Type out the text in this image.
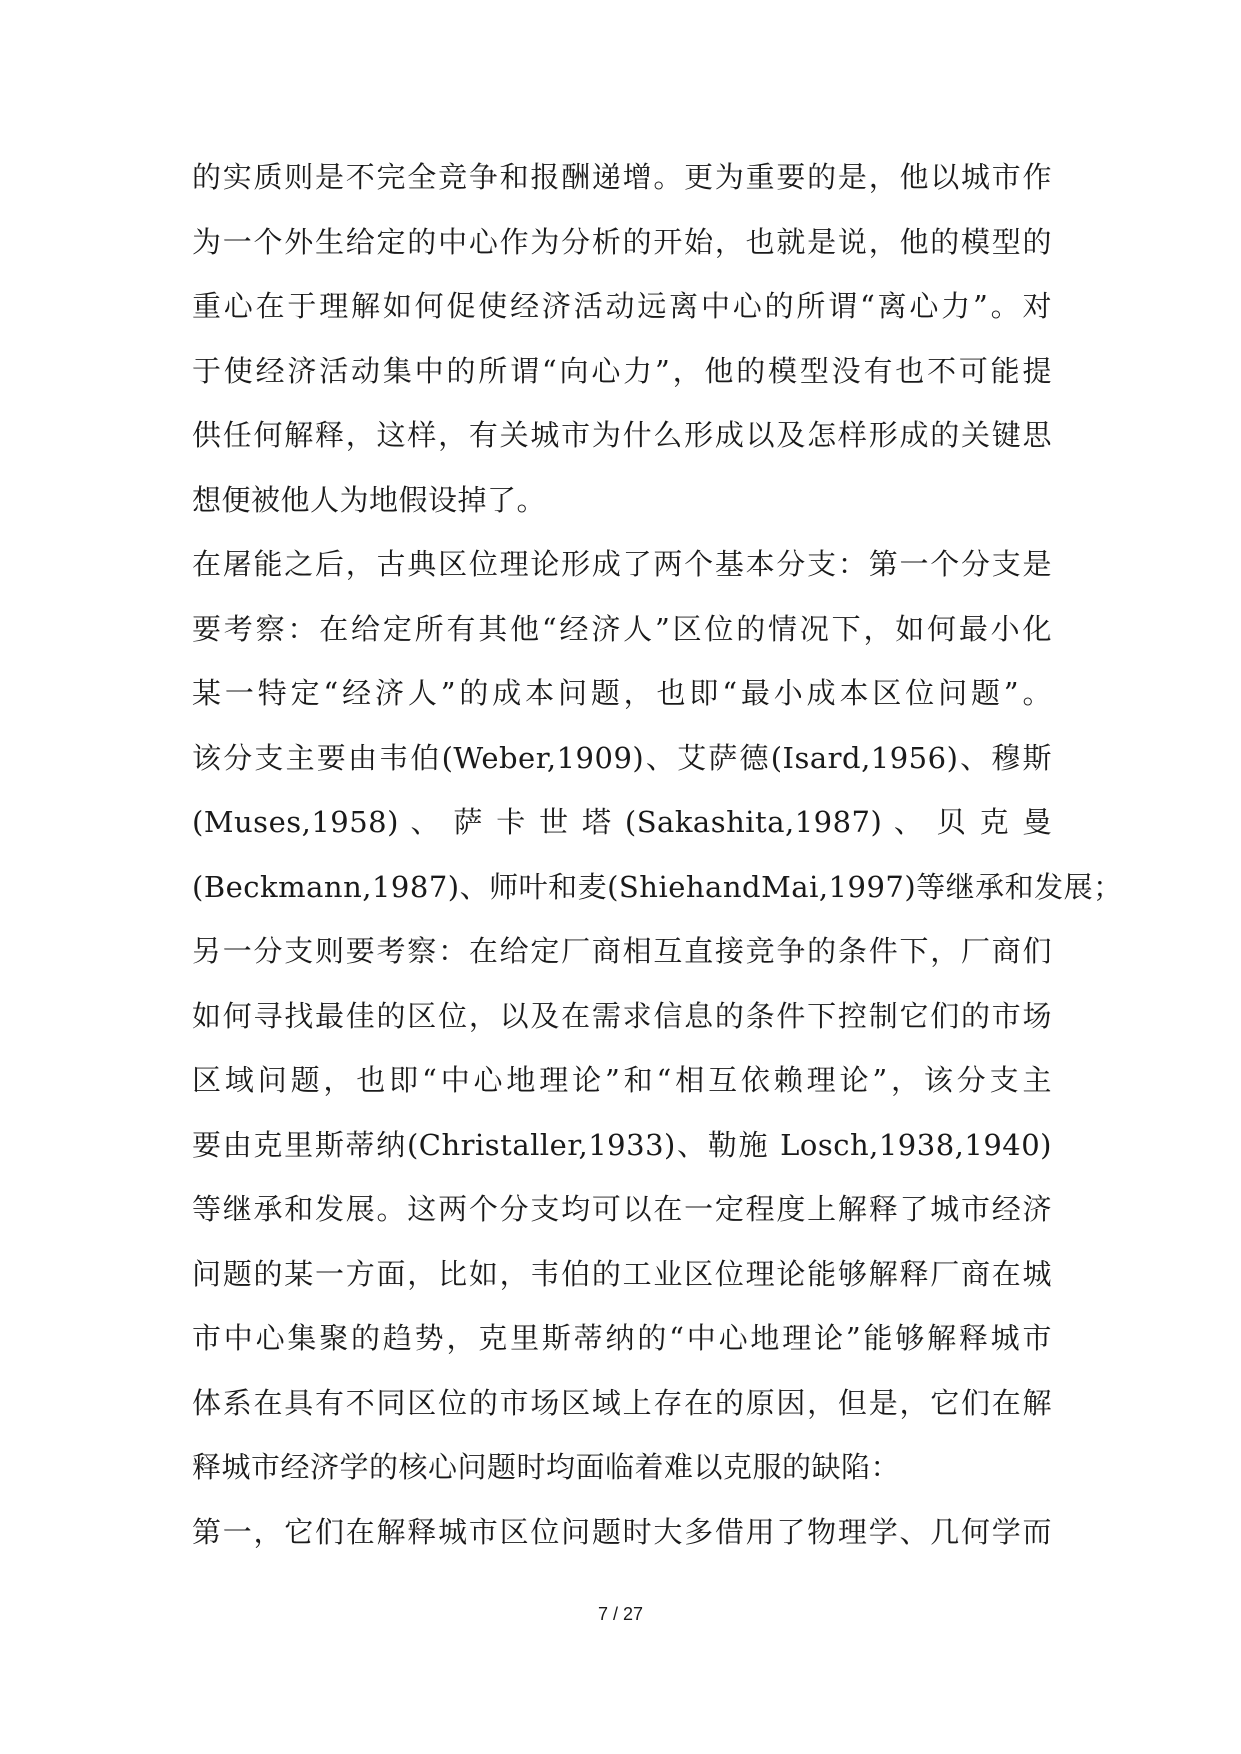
的实质则是不完全竞争和报酬递增。更为重要的是，他以城市作
为一个外生给定的中心作为分析的开始，也就是说，他的模型的
重心在于理解如何促使经济活动远离中心的所谓“离心力”。对
于使经济活动集中的所谓“向心力”，他的模型没有也不可能提
供任何解释，这样，有关城市为什么形成以及怎样形成的关键思
想便被他人为地假设掉了。
在屠能之后，古典区位理论形成了两个基本分支：第一个分支是
要考察：在给定所有其他“经济人”区位的情况下，如何最小化
某一特定“经济人”的成本问题，也即“最小成本区位问题”。
该分支主要由韦伯(Weber,1909)、艾萨德(Isard,1956)、穆斯
(Muses,1958) 、 萨 卡 世 塔 (Sakashita,1987) 、 贝 克 曼
(Beckmann,1987)、师叶和麦(ShiehandMai,1997)等继承和发展；
另一分支则要考察：在给定厂商相互直接竞争的条件下，厂商们
如何寻找最佳的区位，以及在需求信息的条件下控制它们的市场
区域问题，也即“中心地理论”和“相互依赖理论”，该分支主
要由克里斯蒂纳(Christaller,1933)、勒施 Losch,1938,1940)
等继承和发展。这两个分支均可以在一定程度上解释了城市经济
问题的某一方面，比如，韦伯的工业区位理论能够解释厂商在城
市中心集聚的趋势，克里斯蒂纳的“中心地理论”能够解释城市
体系在具有不同区位的市场区域上存在的原因，但是，它们在解
释城市经济学的核心问题时均面临着难以克服的缺陷：
第一，它们在解释城市区位问题时大多借用了物理学、几何学而
7 / 27
